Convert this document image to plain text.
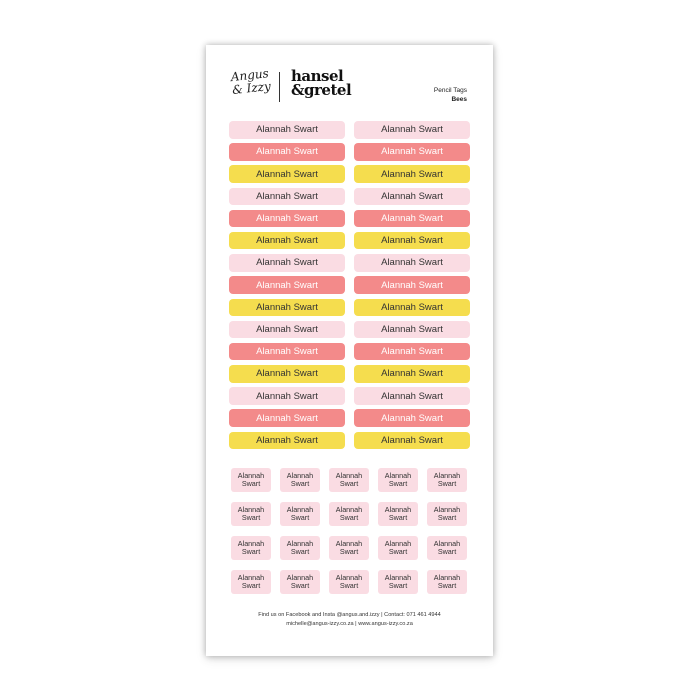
Angus
& Izzy
hansel
&gretel	Pencil Tags
Bees
Alannah Swart	Alannah Swart
Alannah Swart	Alannah Swart
Alannah Swart	Alannah Swart
Alannah Swart	Alannah Swart
Alannah Swart	Alannah Swart
Alannah Swart	Alannah Swart
Alannah Swart	Alannah Swart
Alannah Swart	Alannah Swart
Alannah Swart	Alannah Swart
Alannah Swart	Alannah Swart
Alannah Swart	Alannah Swart
Alannah Swart	Alannah Swart
Alannah Swart	Alannah Swart
Alannah Swart	Alannah Swart
Alannah Swart	Alannah Swart
Alannah
Swart
Alannah
Swart
Alannah
Swart
Alannah
Swart
Alannah
Swart
Alannah
Swart
Alannah
Swart
Alannah
Swart
Alannah
Swart
Alannah
Swart
Alannah
Swart
Alannah
Swart
Alannah
Swart
Alannah
Swart
Alannah
Swart
Alannah
Swart
Alannah
Swart
Alannah
Swart
Alannah
Swart
Alannah
Swart
Find us on Facebook and Insta @angus.and.izzy | Contact: 071 461 4944
michelle@angus-izzy.co.za | www.angus-izzy.co.za
